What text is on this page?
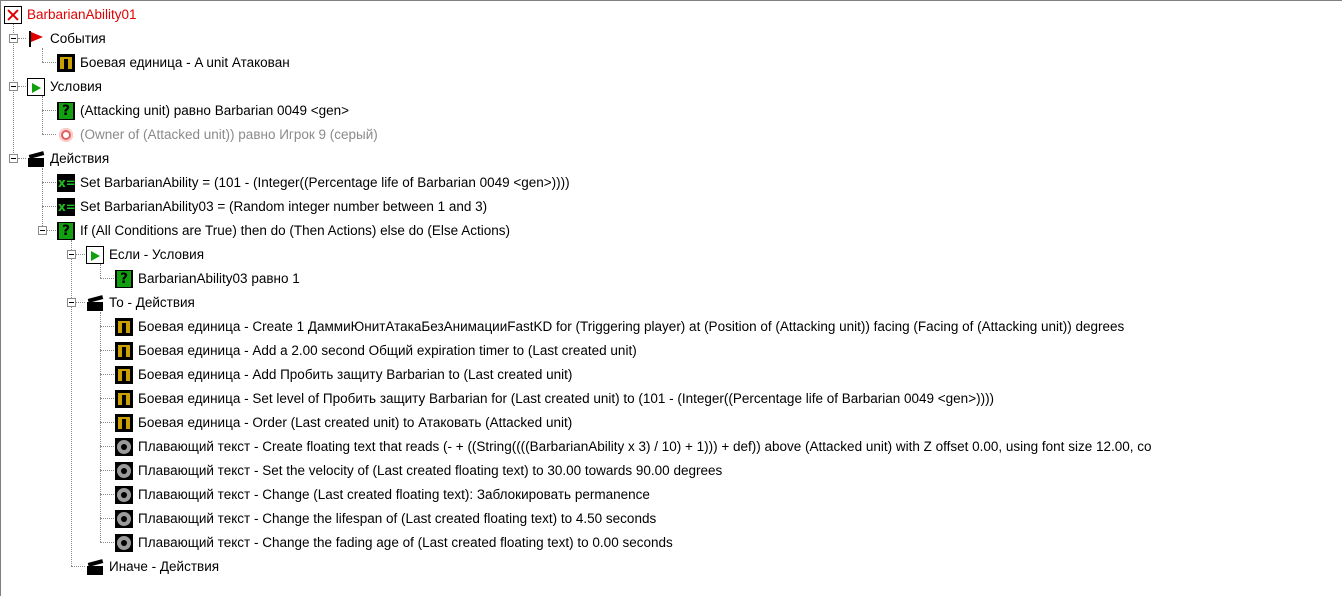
BarbarianAbility01
События
Боевая единица - A unit Атакован
Условия
?
(Attacking unit) равно Barbarian 0049 <gen>
(Owner of (Attacked unit)) равно Игрок 9 (серый)
Действия
x=
Set BarbarianAbility = (101 - (Integer((Percentage life of Barbarian 0049 <gen>))))
x=
Set BarbarianAbility03 = (Random integer number between 1 and 3)
?
If (All Conditions are True) then do (Then Actions) else do (Else Actions)
Если - Условия
?
BarbarianAbility03 равно 1
То - Действия
Боевая единица - Create 1 ДаммиЮнитАтакаБезАнимацииFastKD for (Triggering player) at (Position of (Attacking unit)) facing (Facing of (Attacking unit)) degrees
Боевая единица - Add a 2.00 second Общий expiration timer to (Last created unit)
Боевая единица - Add Пробить защиту Barbarian to (Last created unit)
Боевая единица - Set level of Пробить защиту Barbarian for (Last created unit) to (101 - (Integer((Percentage life of Barbarian 0049 <gen>))))
Боевая единица - Order (Last created unit) to Атаковать (Attacked unit)
Плавающий текст - Create floating text that reads (- + ((String((((BarbarianAbility x 3) / 10) + 1))) + def)) above (Attacked unit) with Z offset 0.00, using font size 12.00, co
Плавающий текст - Set the velocity of (Last created floating text) to 30.00 towards 90.00 degrees
Плавающий текст - Change (Last created floating text): Заблокировать permanence
Плавающий текст - Change the lifespan of (Last created floating text) to 4.50 seconds
Плавающий текст - Change the fading age of (Last created floating text) to 0.00 seconds
Иначе - Действия
